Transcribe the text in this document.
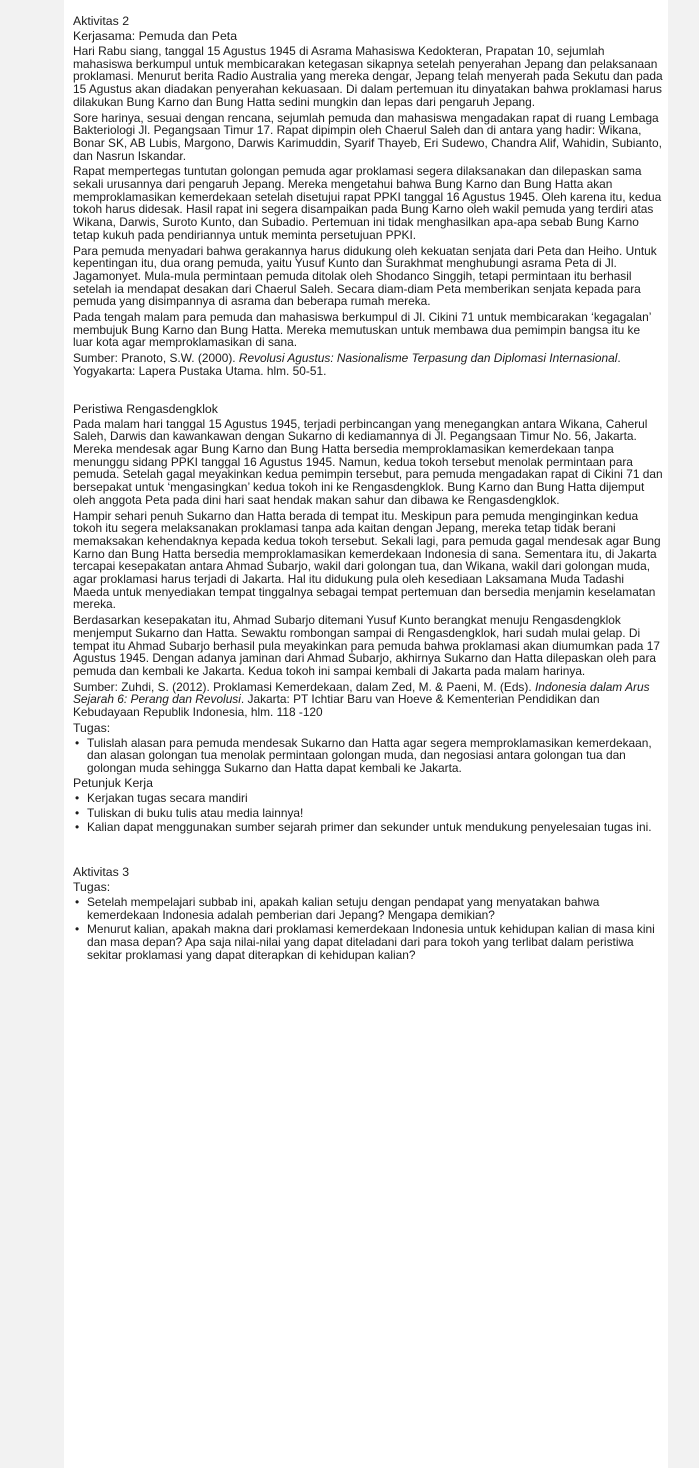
Aktivitas 2
Kerjasama: Pemuda dan Peta

Hari Rabu siang, tanggal 15 Agustus 1945 di Asrama Mahasiswa Kedokteran, Prapatan 10, sejumlah mahasiswa berkumpul untuk membicarakan ketegasan sikapnya setelah penyerahan Jepang dan pelaksanaan proklamasi. Menurut berita Radio Australia yang mereka dengar, Jepang telah menyerah pada Sekutu dan pada 15 Agustus akan diadakan penyerahan kekuasaan. Di dalam pertemuan itu dinyatakan bahwa proklamasi harus dilakukan Bung Karno dan Bung Hatta sedini mungkin dan lepas dari pengaruh Jepang.

Sore harinya, sesuai dengan rencana, sejumlah pemuda dan mahasiswa mengadakan rapat di ruang Lembaga Bakteriologi Jl. Pegangsaan Timur 17. Rapat dipimpin oleh Chaerul Saleh dan di antara yang hadir: Wikana, Bonar SK, AB Lubis, Margono, Darwis Karimuddin, Syarif Thayeb, Eri Sudewo, Chandra Alif, Wahidin, Subianto, dan Nasrun Iskandar.

Rapat mempertegas tuntutan golongan pemuda agar proklamasi segera dilaksanakan dan dilepaskan sama sekali urusannya dari pengaruh Jepang. Mereka mengetahui bahwa Bung Karno dan Bung Hatta akan memproklamasikan kemerdekaan setelah disetujui rapat PPKI tanggal 16 Agustus 1945. Oleh karena itu, kedua tokoh harus didesak. Hasil rapat ini segera disampaikan pada Bung Karno oleh wakil pemuda yang terdiri atas Wikana, Darwis, Suroto Kunto, dan Subadio. Pertemuan ini tidak menghasilkan apa-apa sebab Bung Karno tetap kukuh pada pendiriannya untuk meminta persetujuan PPKI.

Para pemuda menyadari bahwa gerakannya harus didukung oleh kekuatan senjata dari Peta dan Heiho. Untuk kepentingan itu, dua orang pemuda, yaitu Yusuf Kunto dan Surakhmat menghubungi asrama Peta di Jl. Jagamonyet. Mula-mula permintaan pemuda ditolak oleh Shodanco Singgih, tetapi permintaan itu berhasil setelah ia mendapat desakan dari Chaerul Saleh. Secara diam-diam Peta memberikan senjata kepada para pemuda yang disimpannya di asrama dan beberapa rumah mereka.

Pada tengah malam para pemuda dan mahasiswa berkumpul di Jl. Cikini 71 untuk membicarakan ‘kegagalan’ membujuk Bung Karno dan Bung Hatta. Mereka memutuskan untuk membawa dua pemimpin bangsa itu ke luar kota agar memproklamasikan di sana.

Sumber: Pranoto, S.W. (2000). Revolusi Agustus: Nasionalisme Terpasung dan Diplomasi Internasional. Yogyakarta: Lapera Pustaka Utama. hlm. 50-51.

Peristiwa Rengasdengklok

Pada malam hari tanggal 15 Agustus 1945, terjadi perbincangan yang menegangkan antara Wikana, Caherul Saleh, Darwis dan kawankawan dengan Sukarno di kediamannya di Jl. Pegangsaan Timur No. 56, Jakarta. Mereka mendesak agar Bung Karno dan Bung Hatta bersedia memproklamasikan kemerdekaan tanpa menunggu sidang PPKI tanggal 16 Agustus 1945. Namun, kedua tokoh tersebut menolak permintaan para pemuda. Setelah gagal meyakinkan kedua pemimpin tersebut, para pemuda mengadakan rapat di Cikini 71 dan bersepakat untuk ‘mengasingkan’ kedua tokoh ini ke Rengasdengklok. Bung Karno dan Bung Hatta dijemput oleh anggota Peta pada dini hari saat hendak makan sahur dan dibawa ke Rengasdengklok.

Hampir sehari penuh Sukarno dan Hatta berada di tempat itu. Meskipun para pemuda menginginkan kedua tokoh itu segera melaksanakan proklamasi tanpa ada kaitan dengan Jepang, mereka tetap tidak berani memaksakan kehendaknya kepada kedua tokoh tersebut. Sekali lagi, para pemuda gagal mendesak agar Bung Karno dan Bung Hatta bersedia memproklamasikan kemerdekaan Indonesia di sana. Sementara itu, di Jakarta tercapai kesepakatan antara Ahmad Subarjo, wakil dari golongan tua, dan Wikana, wakil dari golongan muda, agar proklamasi harus terjadi di Jakarta. Hal itu didukung pula oleh kesediaan Laksamana Muda Tadashi Maeda untuk menyediakan tempat tinggalnya sebagai tempat pertemuan dan bersedia menjamin keselamatan mereka.

Berdasarkan kesepakatan itu, Ahmad Subarjo ditemani Yusuf Kunto berangkat menuju Rengasdengklok menjemput Sukarno dan Hatta. Sewaktu rombongan sampai di Rengasdengklok, hari sudah mulai gelap. Di tempat itu Ahmad Subarjo berhasil pula meyakinkan para pemuda bahwa proklamasi akan diumumkan pada 17 Agustus 1945. Dengan adanya jaminan dari Ahmad Subarjo, akhirnya Sukarno dan Hatta dilepaskan oleh para pemuda dan kembali ke Jakarta. Kedua tokoh ini sampai kembali di Jakarta pada malam harinya.

Sumber: Zuhdi, S. (2012). Proklamasi Kemerdekaan, dalam Zed, M. & Paeni, M. (Eds). Indonesia dalam Arus Sejarah 6: Perang dan Revolusi. Jakarta: PT Ichtiar Baru van Hoeve & Kementerian Pendidikan dan Kebudayaan Republik Indonesia, hlm. 118 -120

Tugas:
• Tulislah alasan para pemuda mendesak Sukarno dan Hatta agar segera memproklamasikan kemerdekaan, dan alasan golongan tua menolak permintaan golongan muda, dan negosiasi antara golongan tua dan golongan muda sehingga Sukarno dan Hatta dapat kembali ke Jakarta.
Petunjuk Kerja
• Kerjakan tugas secara mandiri
• Tuliskan di buku tulis atau media lainnya!
• Kalian dapat menggunakan sumber sejarah primer dan sekunder untuk mendukung penyelesaian tugas ini.
Aktivitas 3
Tugas:
• Setelah mempelajari subbab ini, apakah kalian setuju dengan pendapat yang menyatakan bahwa kemerdekaan Indonesia adalah pemberian dari Jepang? Mengapa demikian?
• Menurut kalian, apakah makna dari proklamasi kemerdekaan Indonesia untuk kehidupan kalian di masa kini dan masa depan? Apa saja nilai-nilai yang dapat diteladani dari para tokoh yang terlibat dalam peristiwa sekitar proklamasi yang dapat diterapkan di kehidupan kalian?
